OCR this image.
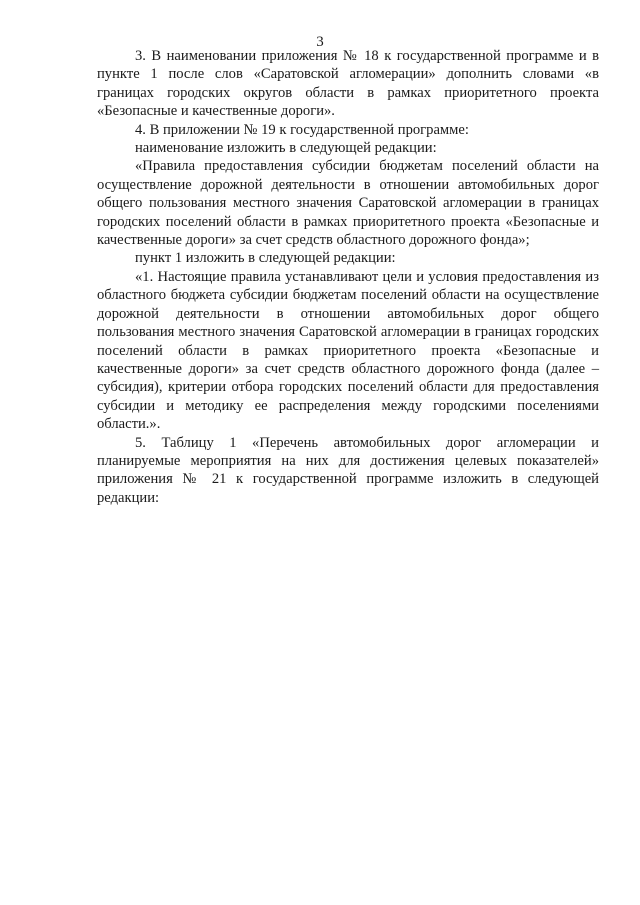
3

3. В наименовании приложения № 18 к государственной программе и в пункте 1 после слов «Саратовской агломерации» дополнить словами «в границах городских округов области в рамках приоритетного проекта «Безопасные и качественные дороги».

4. В приложении № 19 к государственной программе:

наименование изложить в следующей редакции:

«Правила предоставления субсидии бюджетам поселений области на осуществление дорожной деятельности в отношении автомобильных дорог общего пользования местного значения Саратовской агломерации в границах городских поселений области в рамках приоритетного проекта «Безопасные и качественные дороги» за счет средств областного дорожного фонда»;

пункт 1 изложить в следующей редакции:

«1. Настоящие правила устанавливают цели и условия предоставления из областного бюджета субсидии бюджетам поселений области на осуществление дорожной деятельности в отношении автомобильных дорог общего пользования местного значения Саратовской агломерации в границах городских поселений области в рамках приоритетного проекта «Безопасные и качественные дороги» за счет средств областного дорожного фонда (далее – субсидия), критерии отбора городских поселений области для предоставления субсидии и методику ее распределения между городскими поселениями области.».

5. Таблицу 1 «Перечень автомобильных дорог агломерации и планируемые мероприятия на них для достижения целевых показателей» приложения № 21 к государственной программе изложить в следующей редакции:
